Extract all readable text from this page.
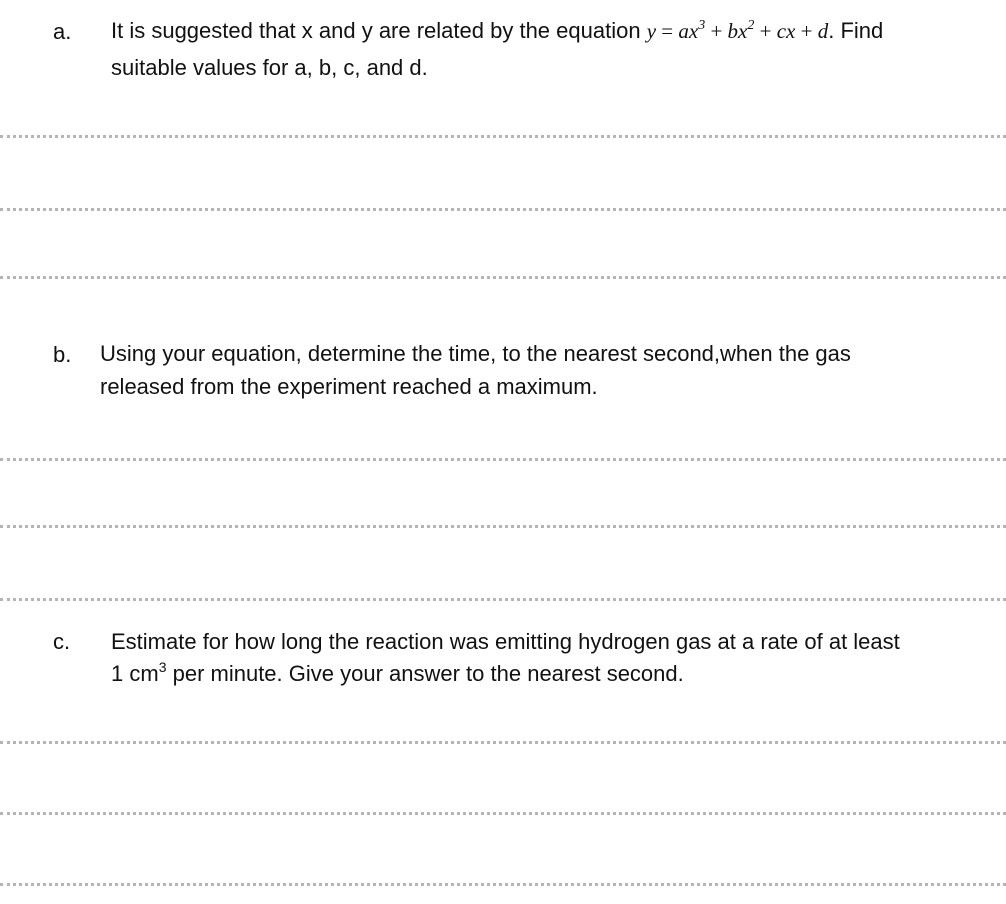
a. It is suggested that x and y are related by the equation $y = ax^3 + bx^2$ + cx + d. Find
suitable values for a, b, c, and d.
b. Using your equation, determine the time, to the nearest second,when the gas
released from the experiment reached a maximum.
c. Estimate for how long the reaction was emitting hydrogen gas at a rate of at least
1 $cm^3$ per minute. Give your answer to the nearest second.
